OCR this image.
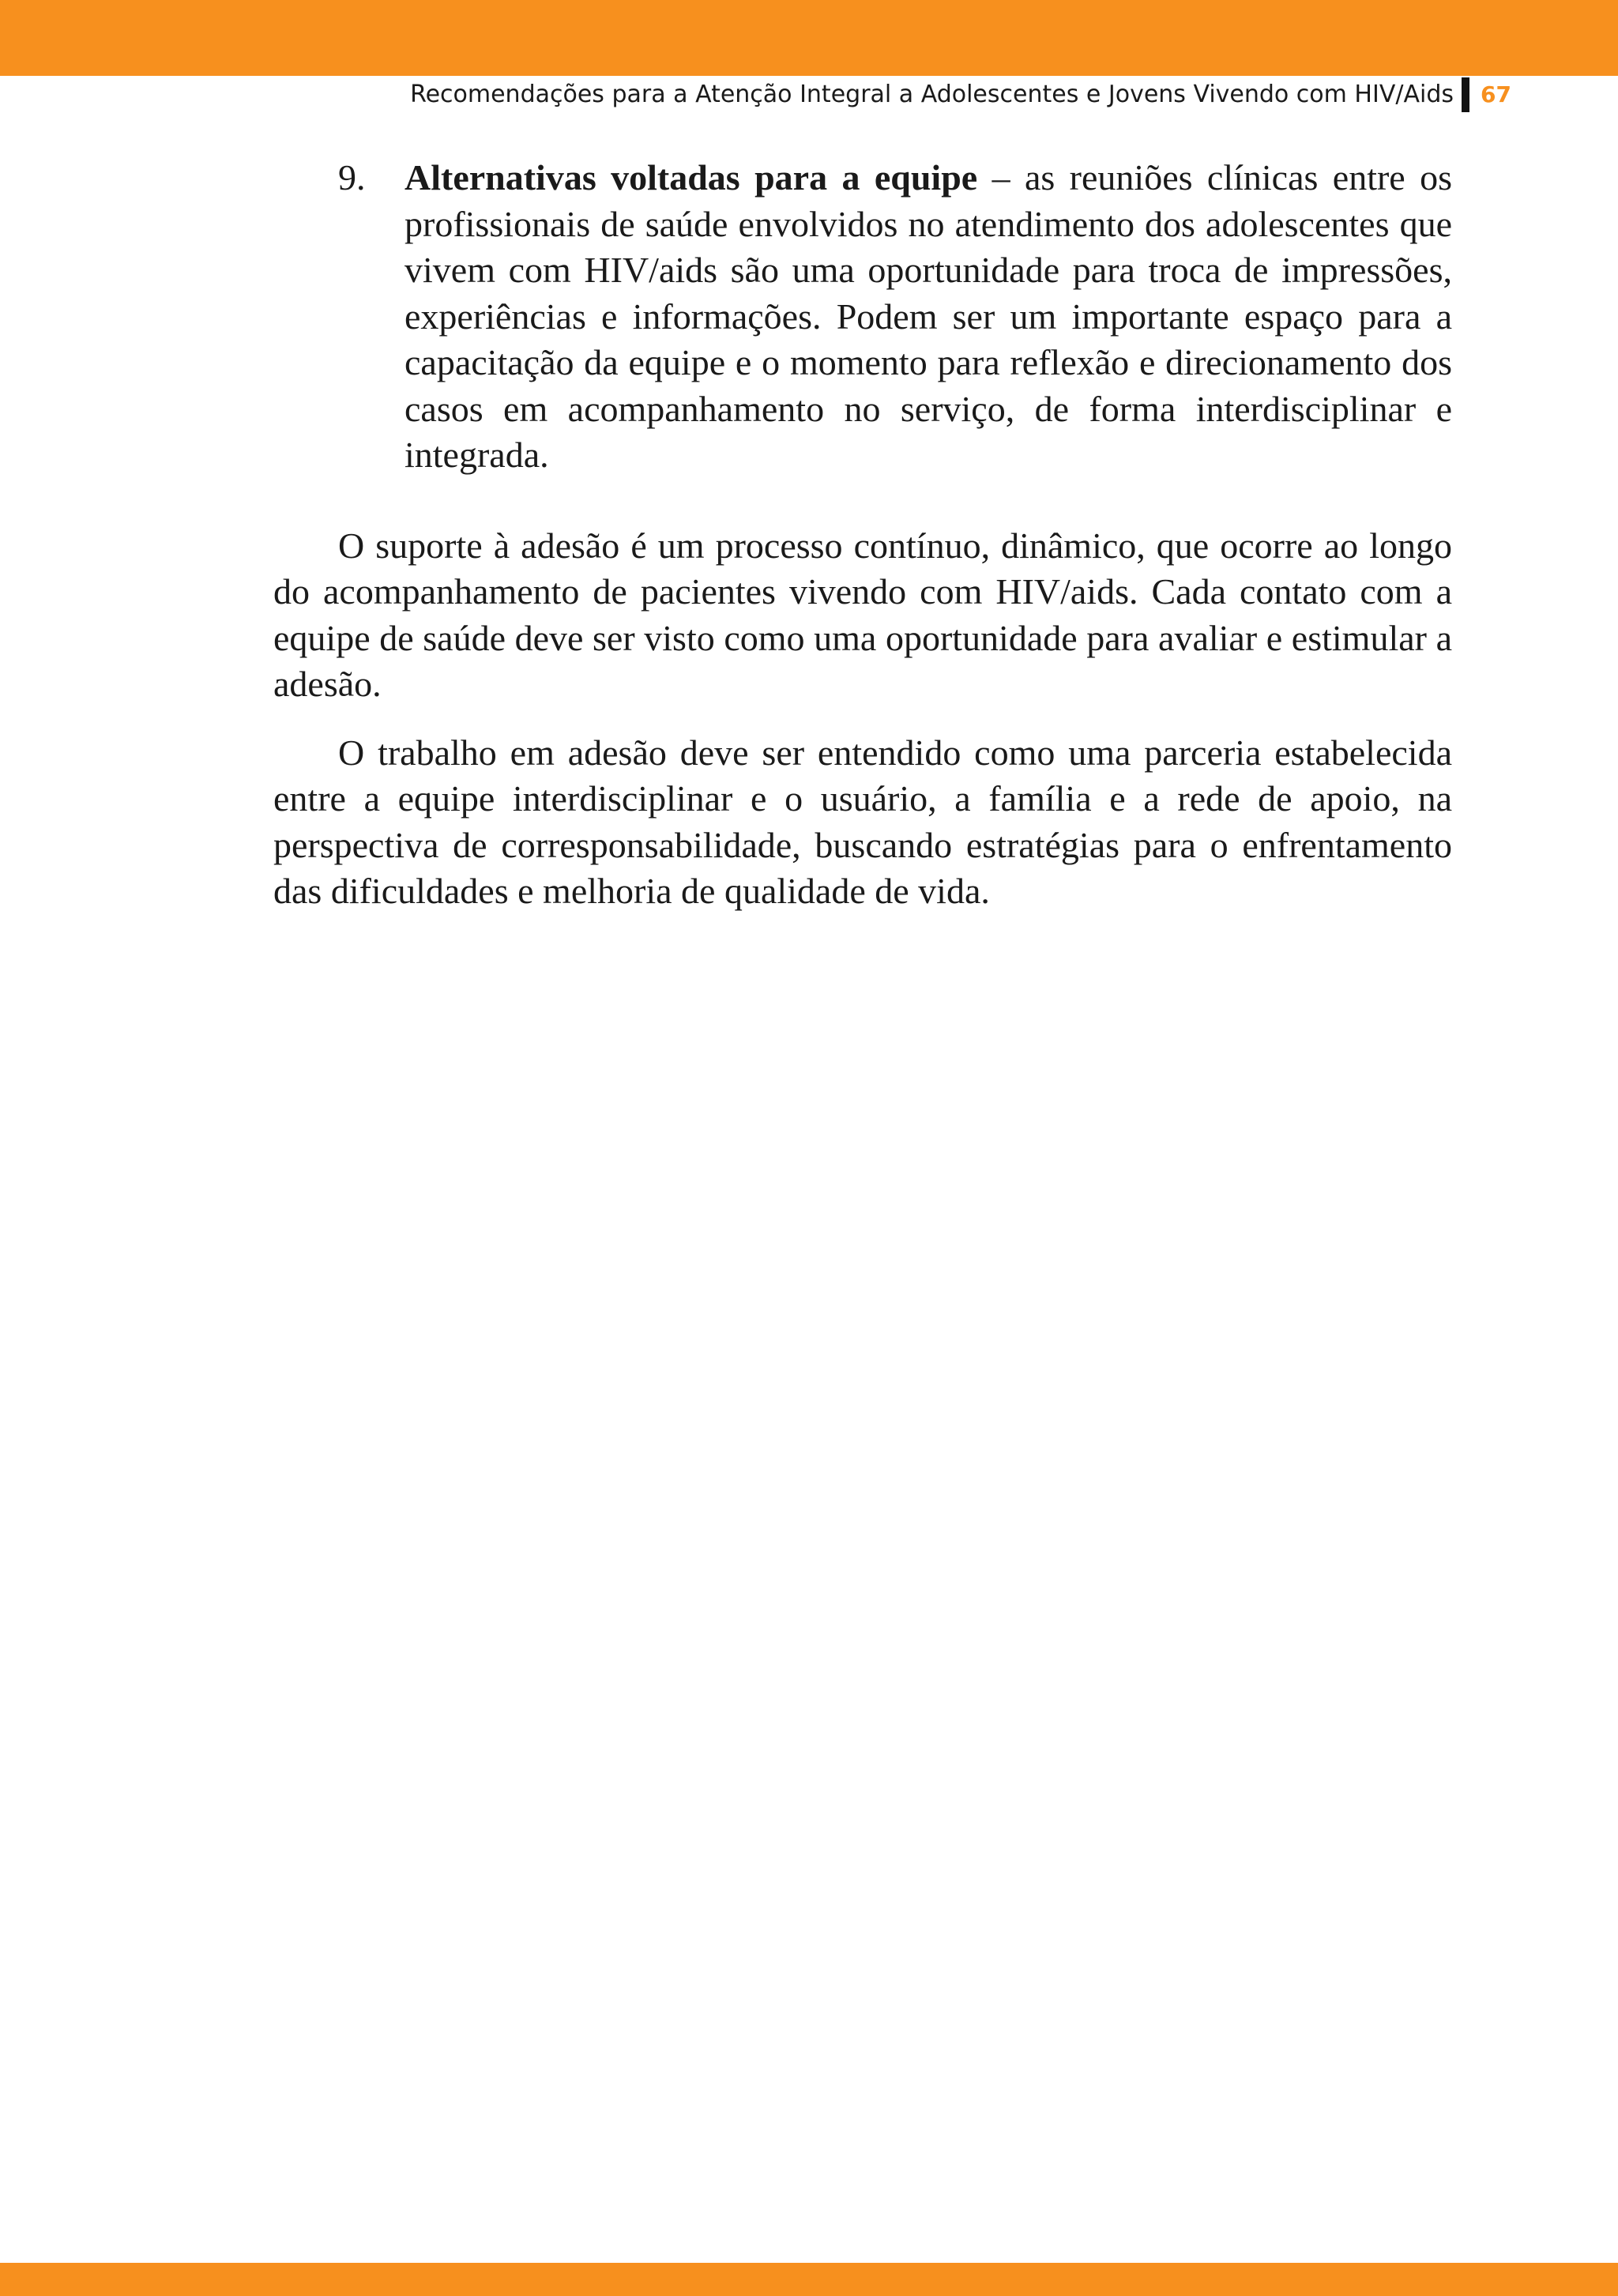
Recomendações para a Atenção Integral a Adolescentes e Jovens Vivendo com HIV/Aids 67
9. Alternativas voltadas para a equipe – as reuniões clínicas entre os profissionais de saúde envolvidos no atendimento dos adolescentes que vivem com HIV/aids são uma oportunidade para troca de impressões, experiências e informações. Podem ser um importante espaço para a capacitação da equipe e o momento para reflexão e direcionamento dos casos em acompanhamento no serviço, de forma interdisciplinar e integrada.

O suporte à adesão é um processo contínuo, dinâmico, que ocorre ao longo do acompanhamento de pacientes vivendo com HIV/aids. Cada contato com a equipe de saúde deve ser visto como uma oportunidade para avaliar e estimular a adesão.

O trabalho em adesão deve ser entendido como uma parceria estabelecida entre a equipe interdisciplinar e o usuário, a família e a rede de apoio, na perspectiva de corresponsabilidade, buscando estratégias para o enfrentamento das dificuldades e melhoria de qualidade de vida.
